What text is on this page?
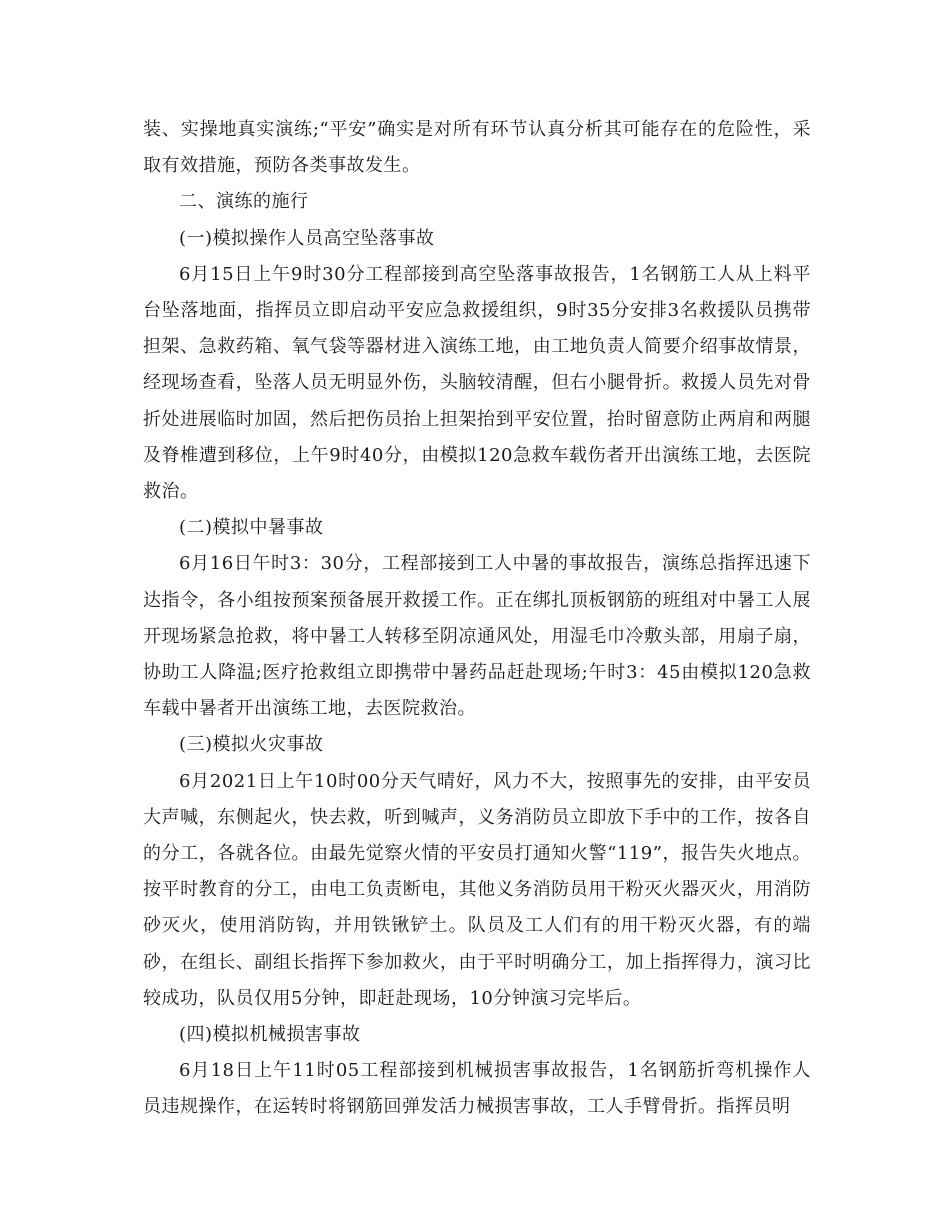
装、实操地真实演练;“平安”确实是对所有环节认真分析其可能存在的危险性，采取有效措施，预防各类事故发生。

二、演练的施行

(一)模拟操作人员高空坠落事故

6月15日上午9时30分工程部接到高空坠落事故报告，1名钢筋工人从上料平台坠落地面，指挥员立即启动平安应急救援组织，9时35分安排3名救援队员携带担架、急救药箱、氧气袋等器材进入演练工地，由工地负责人简要介绍事故情景，经现场查看，坠落人员无明显外伤，头脑较清醒，但右小腿骨折。救援人员先对骨折处进展临时加固，然后把伤员抬上担架抬到平安位置，抬时留意防止两肩和两腿及脊椎遭到移位，上午9时40分，由模拟120急救车载伤者开出演练工地，去医院救治。

(二)模拟中暑事故

6月16日午时3：30分，工程部接到工人中暑的事故报告，演练总指挥迅速下达指令，各小组按预案预备展开救援工作。正在绑扎顶板钢筋的班组对中暑工人展开现场紧急抢救，将中暑工人转移至阴凉通风处，用湿毛巾冷敷头部，用扇子扇，协助工人降温;医疗抢救组立即携带中暑药品赶赴现场;午时3：45由模拟120急救车载中暑者开出演练工地，去医院救治。

(三)模拟火灾事故

6月2021日上午10时00分天气晴好，风力不大，按照事先的安排，由平安员大声喊，东侧起火，快去救，听到喊声，义务消防员立即放下手中的工作，按各自的分工，各就各位。由最先觉察火情的平安员打通知火警“119”，报告失火地点。按平时教育的分工，由电工负责断电，其他义务消防员用干粉灭火器灭火，用消防砂灭火，使用消防钩，并用铁锹铲土。队员及工人们有的用干粉灭火器，有的端砂，在组长、副组长指挥下参加救火，由于平时明确分工，加上指挥得力，演习比较成功，队员仅用5分钟，即赶赴现场，10分钟演习完毕后。

(四)模拟机械损害事故

6月18日上午11时05工程部接到机械损害事故报告，1名钢筋折弯机操作人员违规操作，在运转时将钢筋回弹发活力械损害事故，工人手臂骨折。指挥员明
